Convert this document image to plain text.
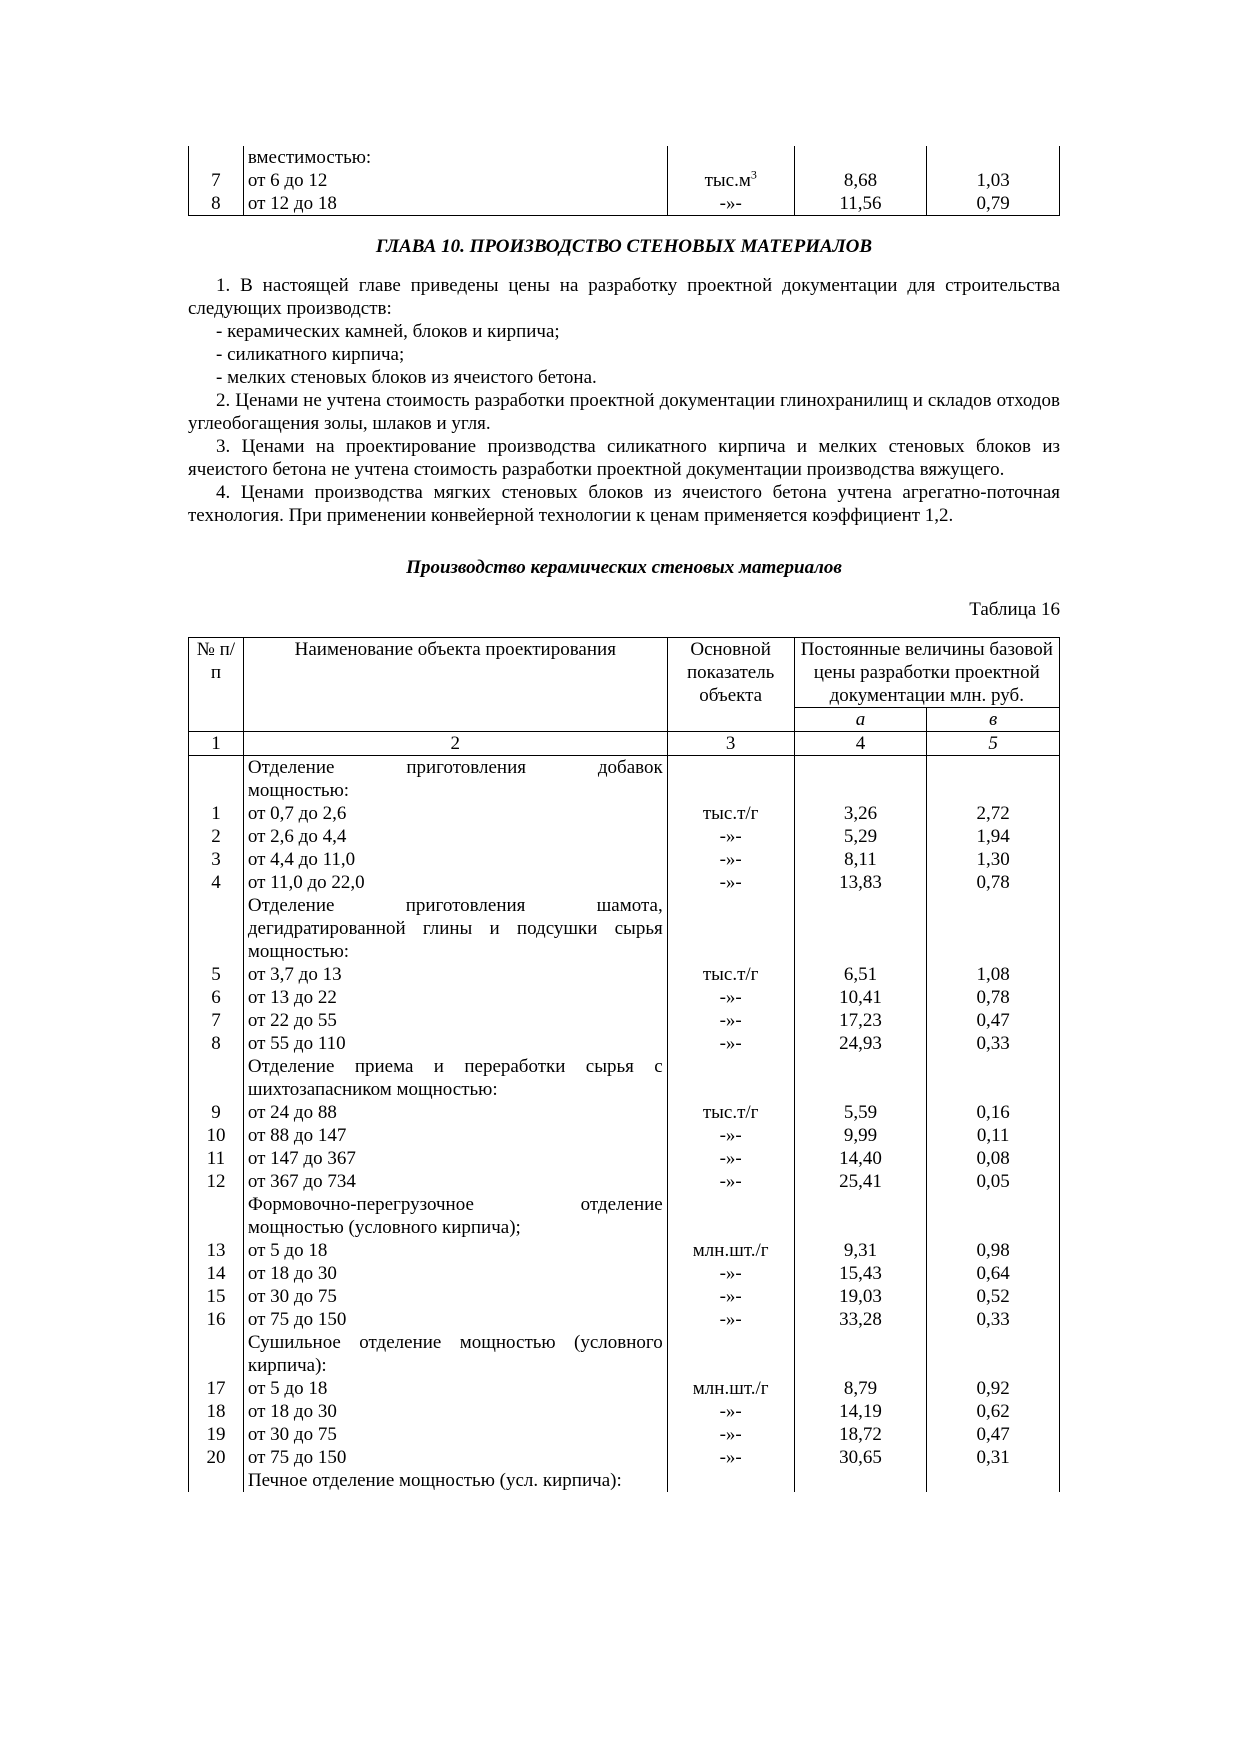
	вместимостью:			
7	от 6 до 12	$тыс.м^3$	8,68	1,03
8	от 12 до 18	-»-	11,56	0,79
ГЛАВА 10. ПРОИЗВОДСТВО СТЕНОВЫХ МАТЕРИАЛОВ

1. В настоящей главе приведены цены на разработку проектной документации для строительства следующих производств:

- керамических камней, блоков и кирпича;
- силикатного кирпича;
- мелких стеновых блоков из ячеистого бетона.

2. Ценами не учтена стоимость разработки проектной документации глинохранилищ и складов отходов углеобогащения золы, шлаков и угля.

3. Ценами на проектирование производства силикатного кирпича и мелких стеновых блоков из ячеистого бетона не учтена стоимость разработки проектной документации производства вяжущего.

4. Ценами производства мягких стеновых блоков из ячеистого бетона учтена агрегатно-поточная технология. При применении конвейерной технологии к ценам применяется коэффициент 1,2.

Производство керамических стеновых материалов
Таблица 16
№ п/п	Наименование объекта проектирования	Основной показатель объекта	Постоянные величины базовой цены разработки проектной документации млн. руб.	
			а	в
1	2	3	4	5
	Отделение приготовления добавок			
	мощностью:			
1	от 0,7 до 2,6	тыс.т/г	3,26	2,72
2	от 2,6 до 4,4	-»-	5,29	1,94
3	от 4,4 до 11,0	-»-	8,11	1,30
4	от 11,0 до 22,0	-»-	13,83	0,78
	Отделение приготовления шамота,			
	дегидратированной глины и подсушки сырья			
	мощностью:			
5	от 3,7 до 13	тыс.т/г	6,51	1,08
6	от 13 до 22	-»-	10,41	0,78
7	от 22 до 55	-»-	17,23	0,47
8	от 55 до 110	-»-	24,93	0,33
	Отделение приема и переработки сырья с			
	шихтозапасником мощностью:			
9	от 24 до 88	тыс.т/г	5,59	0,16
10	от 88 до 147	-»-	9,99	0,11
11	от 147 до 367	-»-	14,40	0,08
12	от 367 до 734	-»-	25,41	0,05
	Формовочно-перегрузочное отделение			
	мощностью (условного кирпича);			
13	от 5 до 18	млн.шт./г	9,31	0,98
14	от 18 до 30	-»-	15,43	0,64
15	от 30 до 75	-»-	19,03	0,52
16	от 75 до 150	-»-	33,28	0,33
	Сушильное отделение мощностью (условного			
	кирпича):			
17	от 5 до 18	млн.шт./г	8,79	0,92
18	от 18 до 30	-»-	14,19	0,62
19	от 30 до 75	-»-	18,72	0,47
20	от 75 до 150	-»-	30,65	0,31
	Печное отделение мощностью (усл. кирпича):			
